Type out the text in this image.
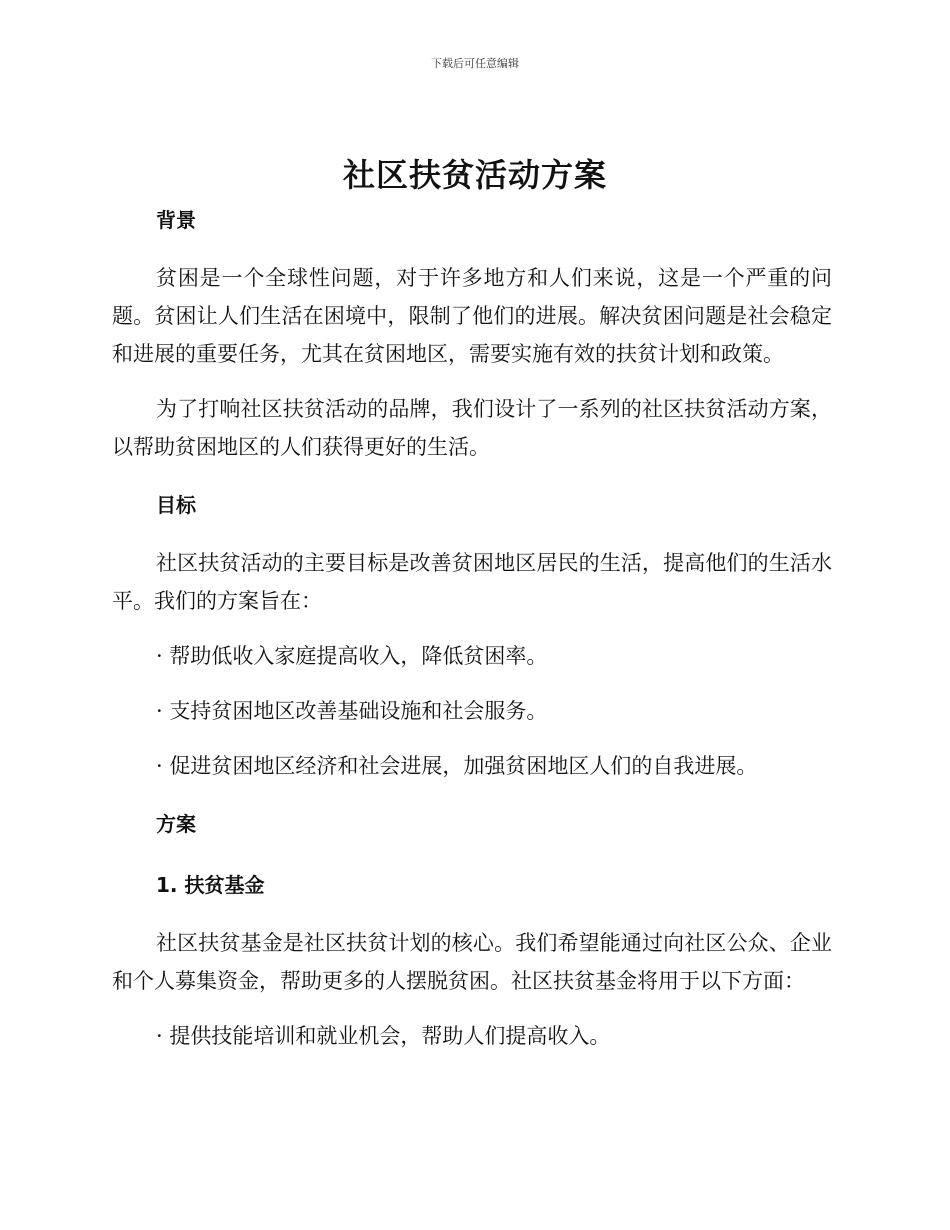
下载后可任意编辑
社区扶贫活动方案
背景

贫困是一个全球性问题，对于许多地方和人们来说，这是一个严重的问题。贫困让人们生活在困境中，限制了他们的进展。解决贫困问题是社会稳定和进展的重要任务，尤其在贫困地区，需要实施有效的扶贫计划和政策。

为了打响社区扶贫活动的品牌，我们设计了一系列的社区扶贫活动方案，以帮助贫困地区的人们获得更好的生活。

目标

社区扶贫活动的主要目标是改善贫困地区居民的生活，提高他们的生活水平。我们的方案旨在：

· 帮助低收入家庭提高收入，降低贫困率。

· 支持贫困地区改善基础设施和社会服务。

· 促进贫困地区经济和社会进展，加强贫困地区人们的自我进展。

方案
1. 扶贫基金

社区扶贫基金是社区扶贫计划的核心。我们希望能通过向社区公众、企业和个人募集资金，帮助更多的人摆脱贫困。社区扶贫基金将用于以下方面：

· 提供技能培训和就业机会，帮助人们提高收入。
